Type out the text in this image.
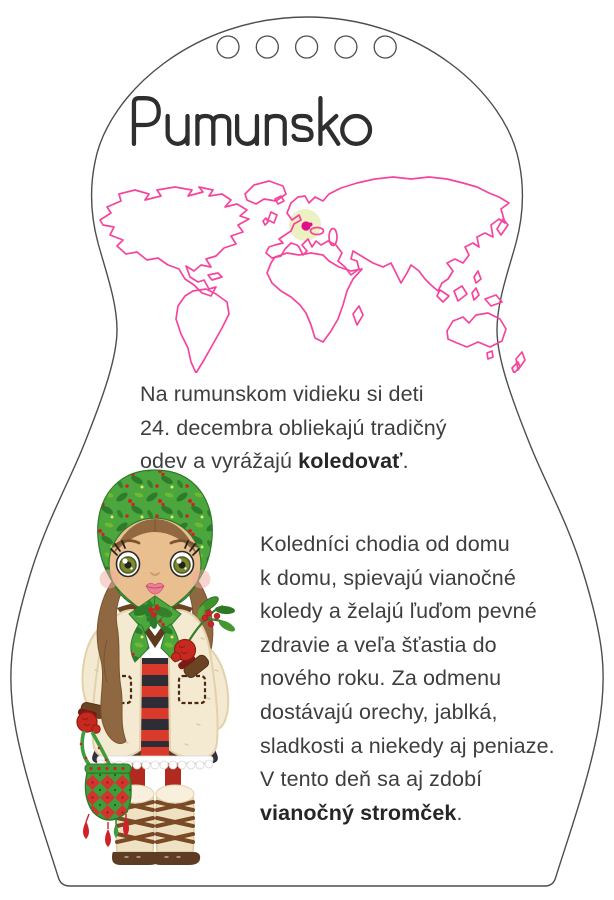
Na rumunskom vidieku si deti
24. decembra obliekajú tradičný
odev a vyrážajú koledovať.

Koledníci chodia od domu
k domu, spievajú vianočné
koledy a želajú ľuďom pevné
zdravie a veľa šťastia do
nového roku. Za odmenu
dostávajú orechy, jablká,
sladkosti a niekedy aj peniaze.
V tento deň sa aj zdobí
vianočný stromček.
